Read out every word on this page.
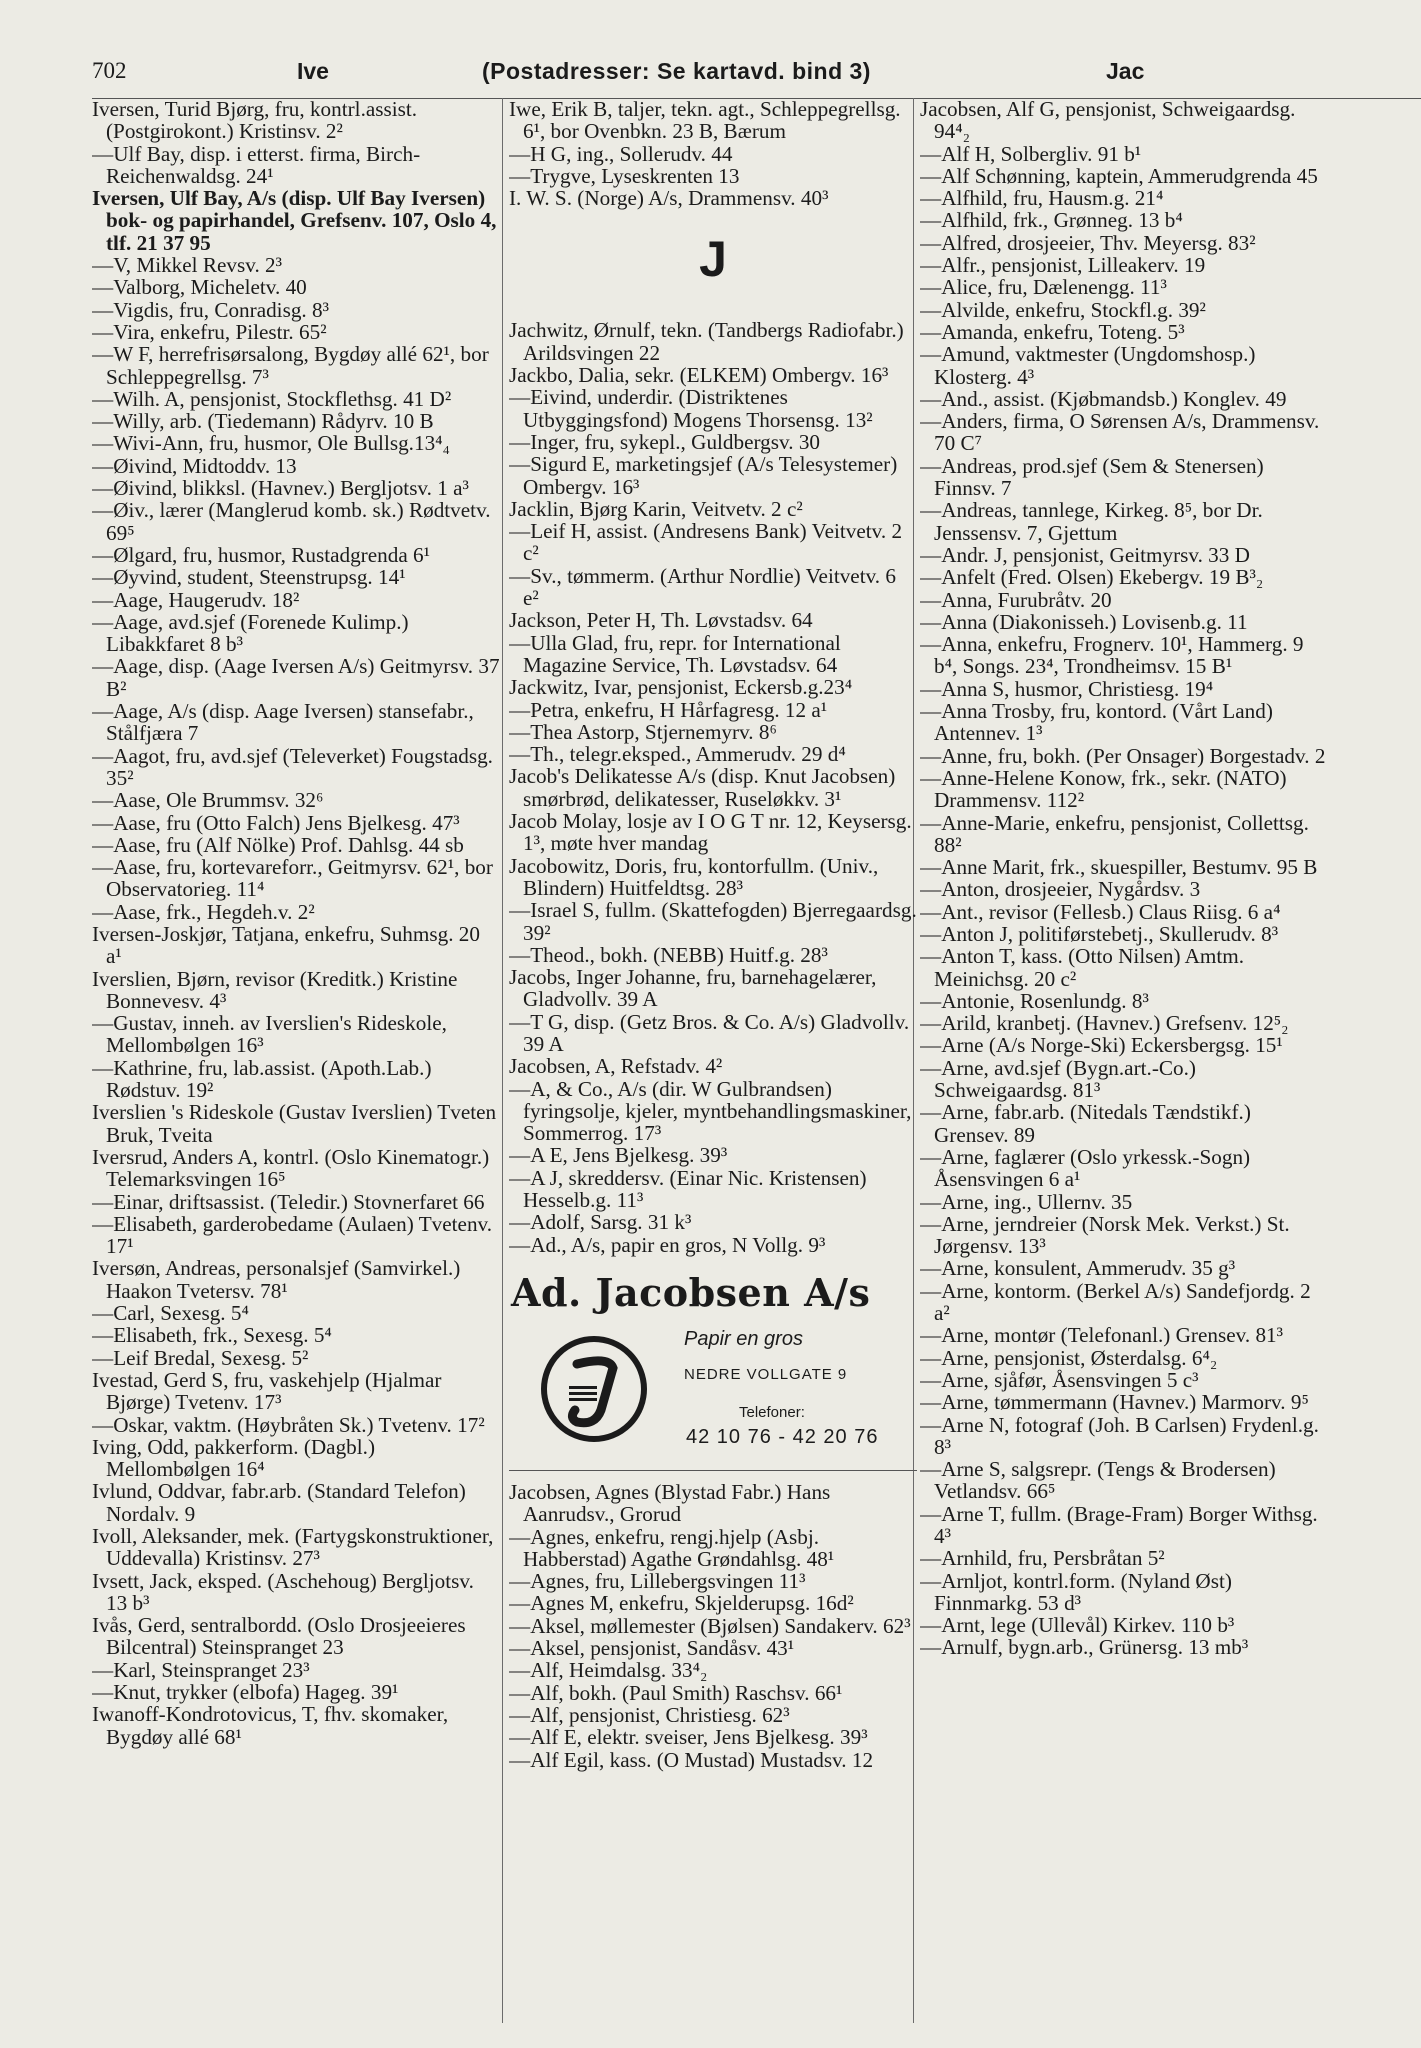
702	Ive	(Postadresser: Se kartavd. bind 3)	Jac

Iversen, Turid Bjørg, fru, kontrl.assist. (Postgirokont.) Kristinsv. 2²

—Ulf Bay, disp. i etterst. firma, Birch-Reichenwaldsg. 24¹

Iversen, Ulf Bay, A/s (disp. Ulf Bay Iversen) bok- og papirhandel, Grefsenv. 107, Oslo 4, tlf. 21 37 95

—V, Mikkel Revsv. 2³

—Valborg, Micheletv. 40

—Vigdis, fru, Conradisg. 8³

—Vira, enkefru, Pilestr. 65²

—W F, herrefrisørsalong, Bygdøy allé 62¹, bor Schleppegrellsg. 7³

—Wilh. A, pensjonist, Stockflethsg. 41 D²

—Willy, arb. (Tiedemann) Rådyrv. 10 B

—Wivi-Ann, fru, husmor, Ole Bullsg.13⁴₄

—Øivind, Midtoddv. 13

—Øivind, blikksl. (Havnev.) Bergljotsv. 1 a³

—Øiv., lærer (Manglerud komb. sk.) Rødtvetv. 69⁵

—Ølgard, fru, husmor, Rustadgrenda 6¹

—Øyvind, student, Steenstrupsg. 14¹

—Aage, Haugerudv. 18²

—Aage, avd.sjef (Forenede Kulimp.) Libakkfaret 8 b³

—Aage, disp. (Aage Iversen A/s) Geitmyrsv. 37 B²

—Aage, A/s (disp. Aage Iversen) stansefabr., Stålfjæra 7

—Aagot, fru, avd.sjef (Televerket) Fougstadsg. 35²

—Aase, Ole Brummsv. 32⁶

—Aase, fru (Otto Falch) Jens Bjelkesg. 47³

—Aase, fru (Alf Nölke) Prof. Dahlsg. 44 sb

—Aase, fru, kortevareforr., Geitmyrsv. 62¹, bor Observatorieg. 11⁴

—Aase, frk., Hegdeh.v. 2²

Iversen-Joskjør, Tatjana, enkefru, Suhmsg. 20 a¹

Iverslien, Bjørn, revisor (Kreditk.) Kristine Bonnevesv. 4³

—Gustav, inneh. av Iverslien's Rideskole, Mellombølgen 16³

—Kathrine, fru, lab.assist. (Apoth.Lab.) Rødstuv. 19²

Iverslien 's Rideskole (Gustav Iverslien) Tveten Bruk, Tveita

Iversrud, Anders A, kontrl. (Oslo Kinematogr.) Telemarksvingen 16⁵

—Einar, driftsassist. (Teledir.) Stovnerfaret 66

—Elisabeth, garderobedame (Aulaen) Tvetenv. 17¹

Iversøn, Andreas, personalsjef (Samvirkel.) Haakon Tvetersv. 78¹

—Carl, Sexesg. 5⁴

—Elisabeth, frk., Sexesg. 5⁴

—Leif Bredal, Sexesg. 5²

Ivestad, Gerd S, fru, vaskehjelp (Hjalmar Bjørge) Tvetenv. 17³

—Oskar, vaktm. (Høybråten Sk.) Tvetenv. 17²

Iving, Odd, pakkerform. (Dagbl.) Mellombølgen 16⁴

Ivlund, Oddvar, fabr.arb. (Standard Telefon) Nordalv. 9

Ivoll, Aleksander, mek. (Fartygskonstruktioner, Uddevalla) Kristinsv. 27³

Ivsett, Jack, eksped. (Aschehoug) Bergljotsv. 13 b³

Ivås, Gerd, sentralbordd. (Oslo Drosjeeieres Bilcentral) Steinspranget 23

—Karl, Steinspranget 23³

—Knut, trykker (elbofa) Hageg. 39¹

Iwanoff-Kondrotovicus, T, fhv. skomaker, Bygdøy allé 68¹

Iwe, Erik B, taljer, tekn. agt., Schleppegrellsg. 6¹, bor Ovenbkn. 23 B, Bærum

—H G, ing., Sollerudv. 44

—Trygve, Lyseskrenten 13

I. W. S. (Norge) A/s, Drammensv. 40³

J

Jachwitz, Ørnulf, tekn. (Tandbergs Radiofabr.) Arildsvingen 22

Jackbo, Dalia, sekr. (ELKEM) Ombergv. 16³

—Eivind, underdir. (Distriktenes Utbyggingsfond) Mogens Thorsensg. 13²

—Inger, fru, sykepl., Guldbergsv. 30

—Sigurd E, marketingsjef (A/s Telesystemer) Ombergv. 16³

Jacklin, Bjørg Karin, Veitvetv. 2 c²

—Leif H, assist. (Andresens Bank) Veitvetv. 2 c²

—Sv., tømmerm. (Arthur Nordlie) Veitvetv. 6 e²

Jackson, Peter H, Th. Løvstadsv. 64

—Ulla Glad, fru, repr. for International Magazine Service, Th. Løvstadsv. 64

Jackwitz, Ivar, pensjonist, Eckersb.g.23⁴

—Petra, enkefru, H Hårfagresg. 12 a¹

—Thea Astorp, Stjernemyrv. 8⁶

—Th., telegr.eksped., Ammerudv. 29 d⁴

Jacob's Delikatesse A/s (disp. Knut Jacobsen) smørbrød, delikatesser, Ruseløkkv. 3¹

Jacob Molay, losje av I O G T nr. 12, Keysersg. 1³, møte hver mandag

Jacobowitz, Doris, fru, kontorfullm. (Univ., Blindern) Huitfeldtsg. 28³

—Israel S, fullm. (Skattefogden) Bjerregaardsg. 39²

—Theod., bokh. (NEBB) Huitf.g. 28³

Jacobs, Inger Johanne, fru, barnehagelærer, Gladvollv. 39 A

—T G, disp. (Getz Bros. & Co. A/s) Gladvollv. 39 A

Jacobsen, A, Refstadv. 4²

—A, & Co., A/s (dir. W Gulbrandsen) fyringsolje, kjeler, myntbehandlingsmaskiner, Sommerrog. 17³

—A E, Jens Bjelkesg. 39³

—A J, skreddersv. (Einar Nic. Kristensen) Hesselb.g. 11³

—Adolf, Sarsg. 31 k³

—Ad., A/s, papir en gros, N Vollg. 9³

Ad. Jacobsen A/s
Papir en gros
NEDRE VOLLGATE 9
Telefoner:
42 10 76 - 42 20 76

Jacobsen, Agnes (Blystad Fabr.) Hans Aanrudsv., Grorud

—Agnes, enkefru, rengj.hjelp (Asbj. Habberstad) Agathe Grøndahlsg. 48¹

—Agnes, fru, Lillebergsvingen 11³

—Agnes M, enkefru, Skjelderupsg. 16d²

—Aksel, møllemester (Bjølsen) Sandakerv. 62³

—Aksel, pensjonist, Sandåsv. 43¹

—Alf, Heimdalsg. 33⁴₂

—Alf, bokh. (Paul Smith) Raschsv. 66¹

—Alf, pensjonist, Christiesg. 62³

—Alf E, elektr. sveiser, Jens Bjelkesg. 39³

—Alf Egil, kass. (O Mustad) Mustadsv. 12

Jacobsen, Alf G, pensjonist, Schweigaardsg. 94⁴₂

—Alf H, Solbergliv. 91 b¹

—Alf Schønning, kaptein, Ammerudgrenda 45

—Alfhild, fru, Hausm.g. 21⁴

—Alfhild, frk., Grønneg. 13 b⁴

—Alfred, drosjeeier, Thv. Meyersg. 83²

—Alfr., pensjonist, Lilleakerv. 19

—Alice, fru, Dælenengg. 11³

—Alvilde, enkefru, Stockfl.g. 39²

—Amanda, enkefru, Toteng. 5³

—Amund, vaktmester (Ungdomshosp.) Klosterg. 4³

—And., assist. (Kjøbmandsb.) Konglev. 49

—Anders, firma, O Sørensen A/s, Drammensv. 70 C⁷

—Andreas, prod.sjef (Sem & Stenersen) Finnsv. 7

—Andreas, tannlege, Kirkeg. 8⁵, bor Dr. Jenssensv. 7, Gjettum

—Andr. J, pensjonist, Geitmyrsv. 33 D

—Anfelt (Fred. Olsen) Ekebergv. 19 B³₂

—Anna, Furubråtv. 20

—Anna (Diakonisseh.) Lovisenb.g. 11

—Anna, enkefru, Frognerv. 10¹, Hammerg. 9 b⁴, Songs. 23⁴, Trondheimsv. 15 B¹

—Anna S, husmor, Christiesg. 19⁴

—Anna Trosby, fru, kontord. (Vårt Land) Antennev. 1³

—Anne, fru, bokh. (Per Onsager) Borgestadv. 2

—Anne-Helene Konow, frk., sekr. (NATO) Drammensv. 112²

—Anne-Marie, enkefru, pensjonist, Collettsg. 88²

—Anne Marit, frk., skuespiller, Bestumv. 95 B

—Anton, drosjeeier, Nygårdsv. 3

—Ant., revisor (Fellesb.) Claus Riisg. 6 a⁴

—Anton J, politiførstebetj., Skullerudv. 8³

—Anton T, kass. (Otto Nilsen) Amtm. Meinichsg. 20 c²

—Antonie, Rosenlundg. 8³

—Arild, kranbetj. (Havnev.) Grefsenv. 12⁵₂

—Arne (A/s Norge-Ski) Eckersbergsg. 15¹

—Arne, avd.sjef (Bygn.art.-Co.) Schweigaardsg. 81³

—Arne, fabr.arb. (Nitedals Tændstikf.) Grensev. 89

—Arne, faglærer (Oslo yrkessk.-Sogn) Åsensvingen 6 a¹

—Arne, ing., Ullernv. 35

—Arne, jerndreier (Norsk Mek. Verkst.) St. Jørgensv. 13³

—Arne, konsulent, Ammerudv. 35 g³

—Arne, kontorm. (Berkel A/s) Sandefjordg. 2 a²

—Arne, montør (Telefonanl.) Grensev. 81³

—Arne, pensjonist, Østerdalsg. 6⁴₂

—Arne, sjåfør, Åsensvingen 5 c³

—Arne, tømmermann (Havnev.) Marmorv. 9⁵

—Arne N, fotograf (Joh. B Carlsen) Frydenl.g. 8³

—Arne S, salgsrepr. (Tengs & Brodersen) Vetlandsv. 66⁵

—Arne T, fullm. (Brage-Fram) Borger Withsg. 4³

—Arnhild, fru, Persbråtan 5²

—Arnljot, kontrl.form. (Nyland Øst) Finnmarkg. 53 d³

—Arnt, lege (Ullevål) Kirkev. 110 b³

—Arnulf, bygn.arb., Grünersg. 13 mb³
